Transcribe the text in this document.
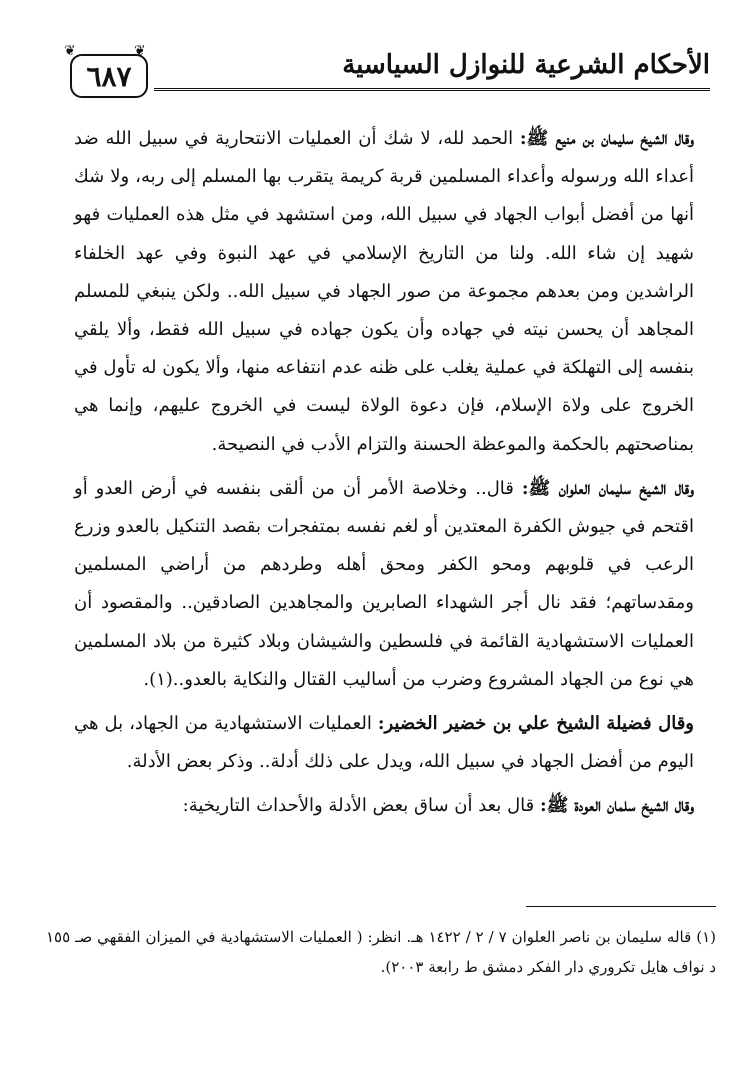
٦٨٧
❦	❦	الأحكام الشرعية للنوازل السياسية

وقال الشيخ سليمان بن منيع ﷺ: الحمد لله، لا شك أن العمليات الانتحارية في سبيل الله ضد أعداء الله ورسوله وأعداء المسلمين قربة كريمة يتقرب بها المسلم إلى ربه، ولا شك أنها من أفضل أبواب الجهاد في سبيل الله، ومن استشهد في مثل هذه العمليات فهو شهيد إن شاء الله. ولنا من التاريخ الإسلامي في عهد النبوة وفي عهد الخلفاء الراشدين ومن بعدهم مجموعة من صور الجهاد في سبيل الله.. ولكن ينبغي للمسلم المجاهد أن يحسن نيته في جهاده وأن يكون جهاده في سبيل الله فقط، وألا يلقي بنفسه إلى التهلكة في عملية يغلب على ظنه عدم انتفاعه منها، وألا يكون له تأول في الخروج على ولاة الإسلام، فإن دعوة الولاة ليست في الخروج عليهم، وإنما هي بمناصحتهم بالحكمة والموعظة الحسنة والتزام الأدب في النصيحة.

وقال الشيخ سليمان العلوان ﷺ: قال.. وخلاصة الأمر أن من ألقى بنفسه في أرض العدو أو اقتحم في جيوش الكفرة المعتدين أو لغم نفسه بمتفجرات بقصد التنكيل بالعدو وزرع الرعب في قلوبهم ومحو الكفر ومحق أهله وطردهم من أراضي المسلمين ومقدساتهم؛ فقد نال أجر الشهداء الصابرين والمجاهدين الصادقين.. والمقصود أن العمليات الاستشهادية القائمة في فلسطين والشيشان وبلاد كثيرة من بلاد المسلمين هي نوع من الجهاد المشروع وضرب من أساليب القتال والنكاية بالعدو..(١).

وقال فضيلة الشيخ علي بن خضير الخضير: العمليات الاستشهادية من الجهاد، بل هي اليوم من أفضل الجهاد في سبيل الله، ويدل على ذلك أدلة.. وذكر بعض الأدلة.

وقال الشيخ سلمان العودة ﷺ: قال بعد أن ساق بعض الأدلة والأحداث التاريخية:

(١) قاله سليمان بن ناصر العلوان ٧ / ٢ / ١٤٢٢ هـ. انظر: ( العمليات الاستشهادية في الميزان الفقهي صـ ١٥٥ د نواف هايل تكروري دار الفكر دمشق ط رابعة ٢٠٠٣).
